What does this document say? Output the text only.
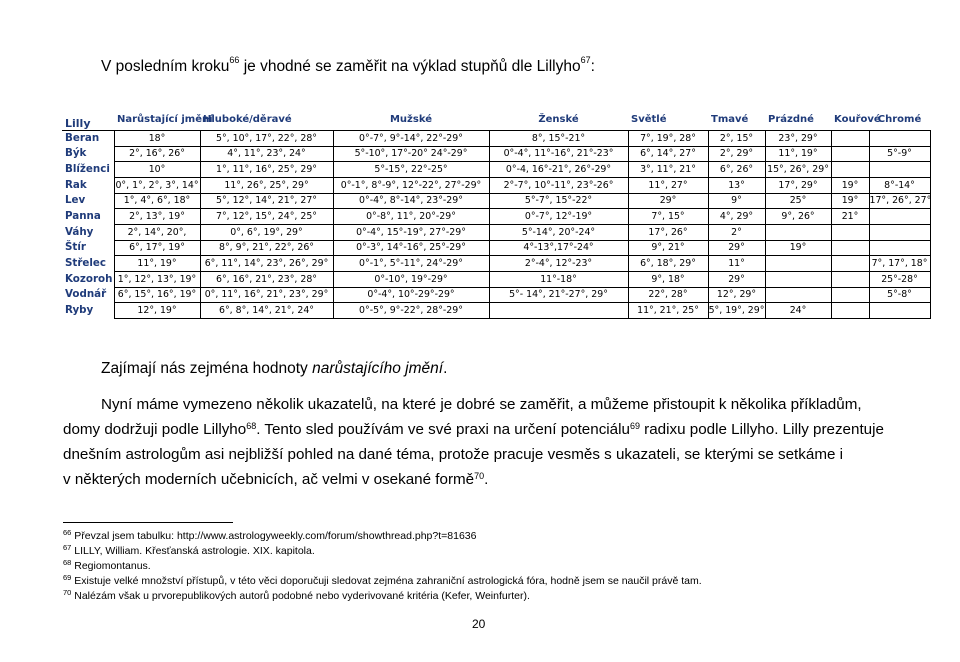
V posledním kroku$^{66}$ je vhodné se zaměřit na výklad stupňů dle Lillyho$^{67}$:
Lilly	Narůstající jmění	Hluboké/děravé	Mužské	Ženské	Světlé	Tmavé	Prázdné	Kouřové	Chromé
Beran	18°	5°, 10°, 17°, 22°, 28°	0°-7°, 9°-14°, 22°-29°	8°, 15°-21°	7°, 19°, 28°	2°, 15°	23°, 29°		
Býk	2°, 16°, 26°	4°, 11°, 23°, 24°	5°-10°, 17°-20° 24°-29°	0°-4°, 11°-16°, 21°-23°	6°, 14°, 27°	2°, 29°	11°, 19°		5°-9°
Blíženci	10°	1°, 11°, 16°, 25°, 29°	5°-15°, 22°-25°	0°-4, 16°-21°, 26°-29°	3°, 11°, 21°	6°, 26°	15°, 26°, 29°		
Rak	0°, 1°, 2°, 3°, 14°	11°, 26°, 25°, 29°	0°-1°, 8°-9°, 12°-22°, 27°-29°	2°-7°, 10°-11°, 23°-26°	11°, 27°	13°	17°, 29°	19°	8°-14°
Lev	1°, 4°, 6°, 18°	5°, 12°, 14°, 21°, 27°	0°-4°, 8°-14°, 23°-29°	5°-7°, 15°-22°	29°	9°	25°	19°	17°, 26°, 27°
Panna	2°, 13°, 19°	7°, 12°, 15°, 24°, 25°	0°-8°, 11°, 20°-29°	0°-7°, 12°-19°	7°, 15°	4°, 29°	9°, 26°	21°	
Váhy	2°, 14°, 20°,	0°, 6°, 19°, 29°	0°-4°, 15°-19°, 27°-29°	5°-14°, 20°-24°	17°, 26°	2°			
Štír	6°, 17°, 19°	8°, 9°, 21°, 22°, 26°	0°-3°, 14°-16°, 25°-29°	4°-13°,17°-24°	9°, 21°	29°	19°		
Střelec	11°, 19°	6°, 11°, 14°, 23°, 26°, 29°	0°-1°, 5°-11°, 24°-29°	2°-4°, 12°-23°	6°, 18°, 29°	11°			7°, 17°, 18°
Kozoroh	1°, 12°, 13°, 19°	6°, 16°, 21°, 23°, 28°	0°-10°, 19°-29°	11°-18°	9°, 18°	29°			25°-28°
Vodnář	6°, 15°, 16°, 19°	0°, 11°, 16°, 21°, 23°, 29°	0°-4°, 10°-29°-29°	5°- 14°, 21°-27°, 29°	22°, 28°	12°, 29°			5°-8°
Ryby	12°, 19°	6°, 8°, 14°, 21°, 24°	0°-5°, 9°-22°, 28°-29°		11°, 21°, 25°	5°, 19°, 29°	24°		
Zajímají nás zejména hodnoty narůstajícího jmění.
Nyní máme vymezeno několik ukazatelů, na které je dobré se zaměřit, a můžeme přistoupit k několika příkladům,
domy dodržuji podle Lillyho$^{68}$. Tento sled používám ve své praxi na určení potenciálu$^{69}$ radixu podle Lillyho. Lilly prezentuje
dnešním astrologům asi nejbližší pohled na dané téma, protože pracuje vesměs s ukazateli, se kterými se setkáme i
v některých moderních učebnicích, ač velmi v osekané formě$^{70}$.
$^{66}$ Převzal jsem tabulku: http://www.astrologyweekly.com/forum/showthread.php?t=81636
$^{67}$ LILLY, William. Křesťanská astrologie. XIX. kapitola.
$^{68}$ Regiomontanus.
$^{69}$ Existuje velké množství přístupů, v této věci doporučuji sledovat zejména zahraniční astrologická fóra, hodně jsem se naučil právě tam.
$^{70}$ Nalézám však u prvorepublikových autorů podobné nebo vyderivované kritéria (Kefer, Weinfurter).
20
